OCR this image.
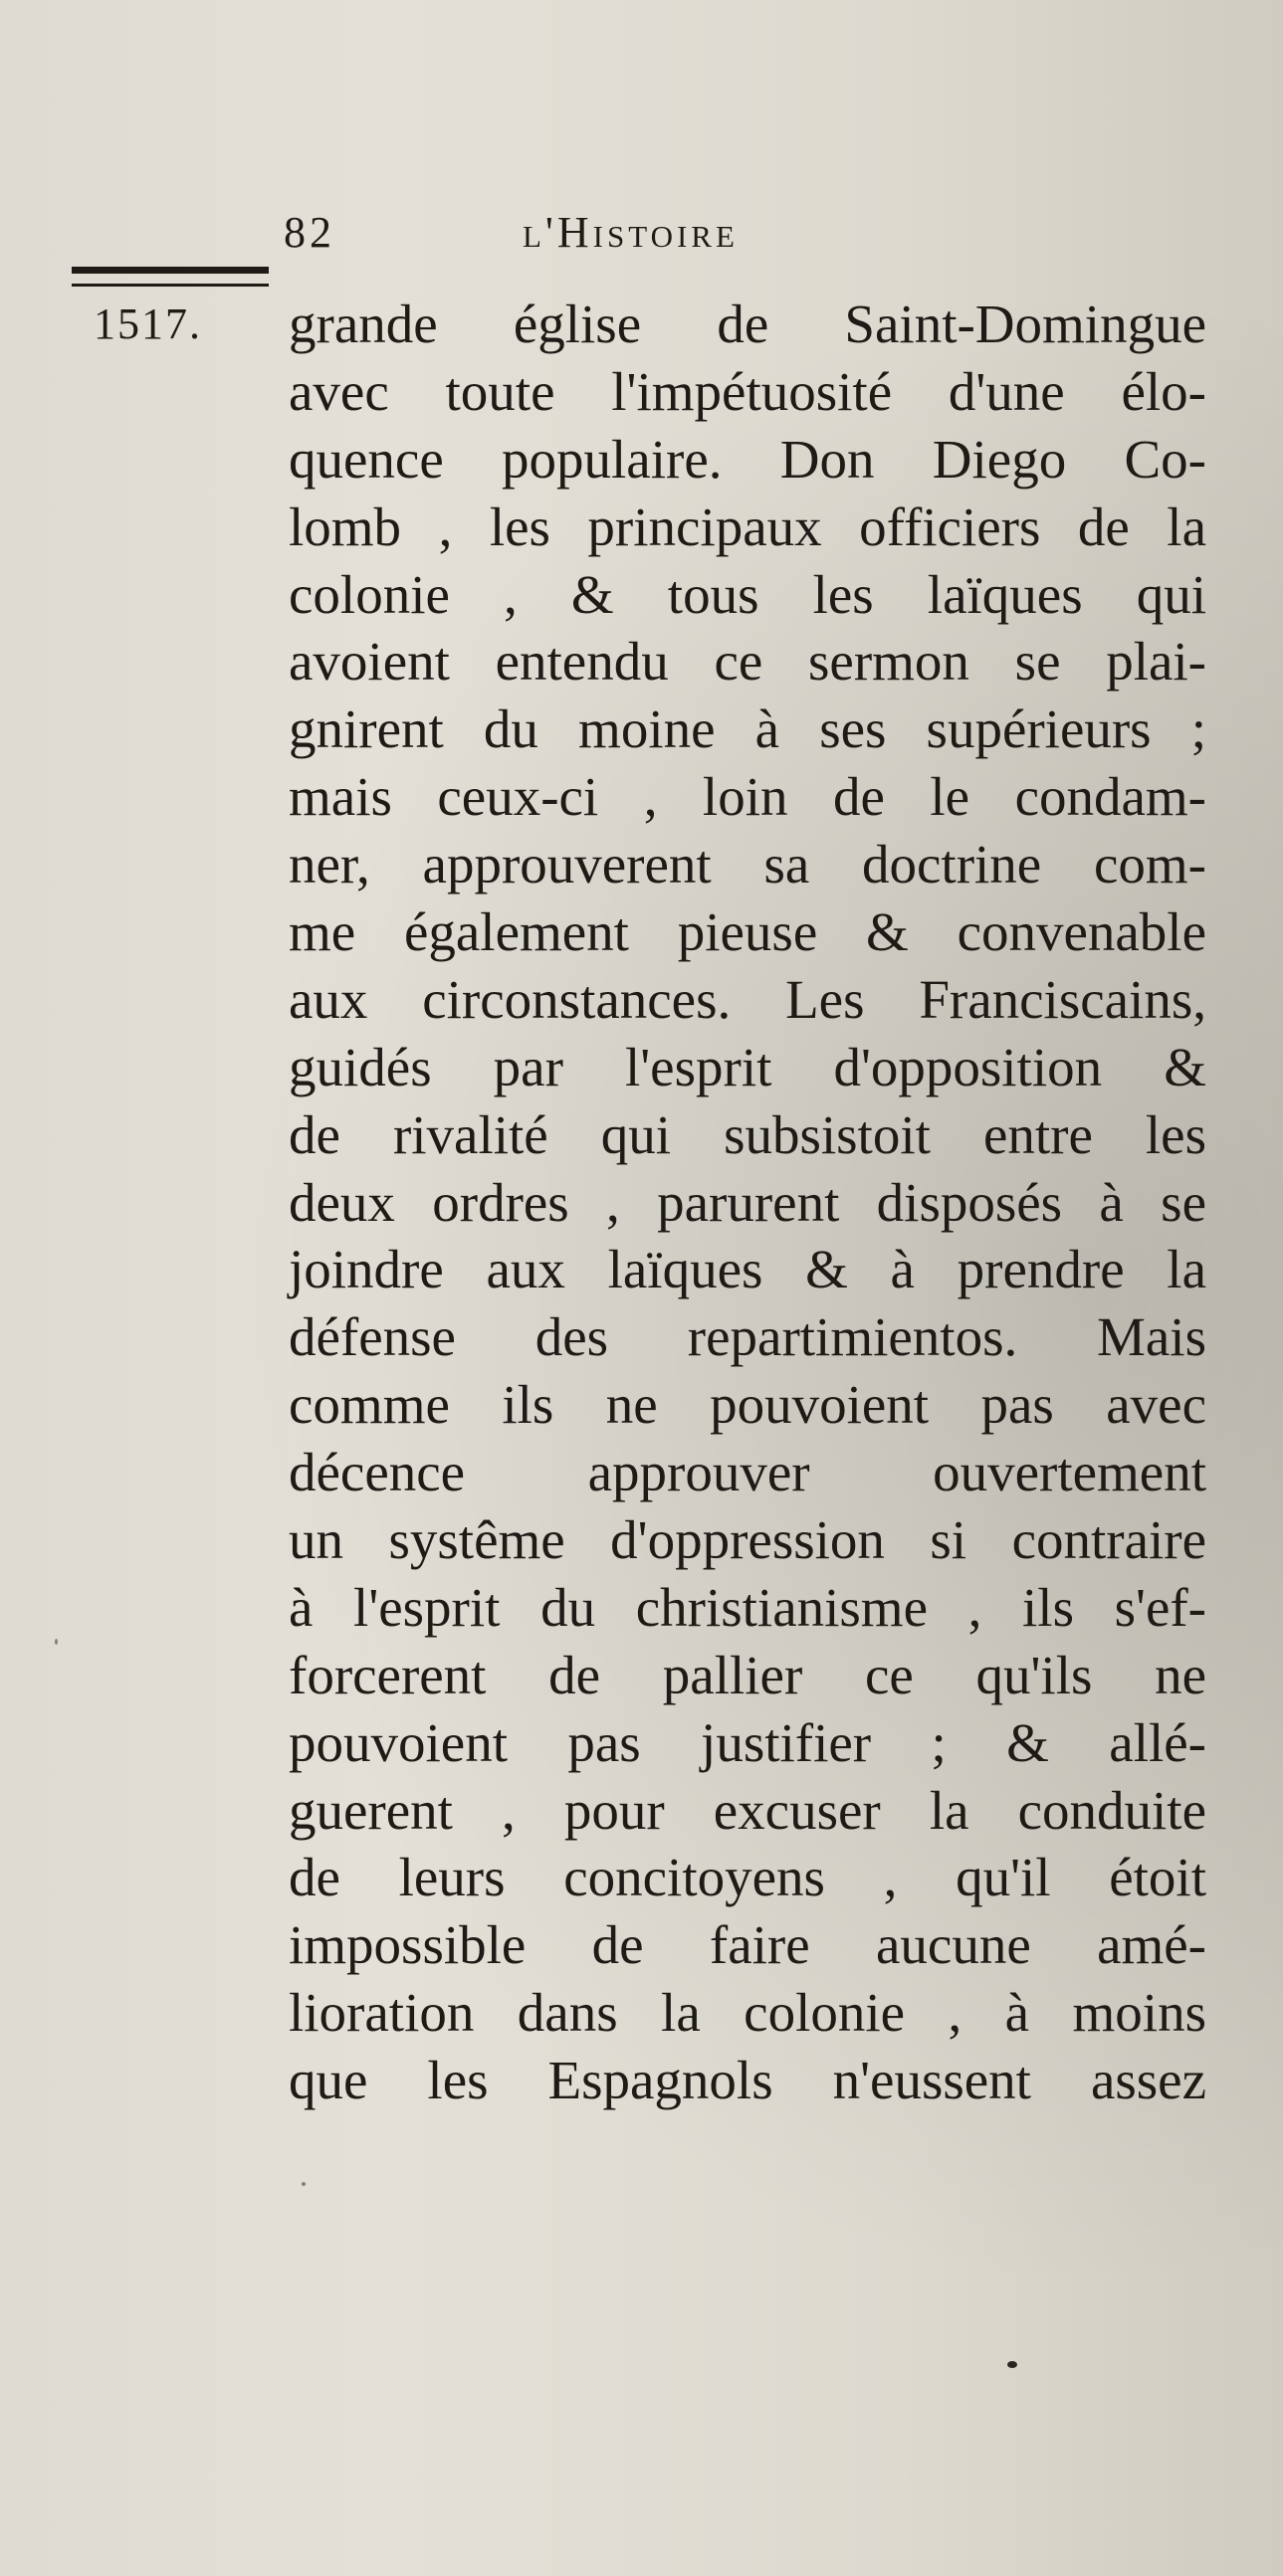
82	l'Histoire
1517. grande église de Saint-Domingue
avec toute l'impétuosité d'une élo-
quence populaire. Don Diego Co-
lomb , les principaux officiers de la
colonie , & tous les laïques qui
avoient entendu ce sermon se plai-
gnirent du moine à ses supérieurs ;
mais ceux-ci , loin de le condam-
ner, approuverent sa doctrine com-
me également pieuse & convenable
aux circonstances. Les Franciscains,
guidés par l'esprit d'opposition &
de rivalité qui subsistoit entre les
deux ordres , parurent disposés à se
joindre aux laïques & à prendre la
défense des repartimientos. Mais
comme ils ne pouvoient pas avec
décence approuver ouvertement
un systême d'oppression si contraire
à l'esprit du christianisme , ils s'ef-
forcerent de pallier ce qu'ils ne
pouvoient pas justifier ; & allé-
guerent , pour excuser la conduite
de leurs concitoyens , qu'il étoit
impossible de faire aucune amé-
lioration dans la colonie , à moins
que les Espagnols n'eussent assez
